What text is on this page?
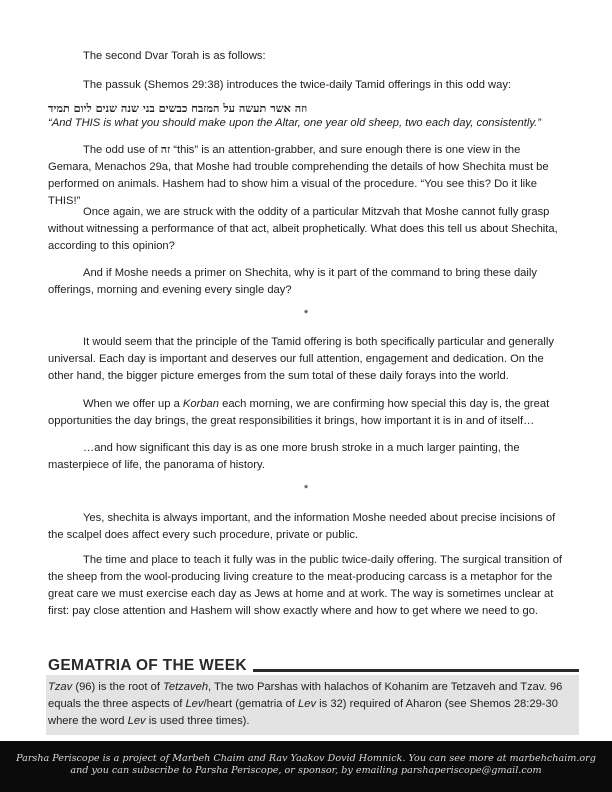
The second Dvar Torah is as follows:

The passuk (Shemos 29:38) introduces the twice-daily Tamid offerings in this odd way:

וזה אשר תעשה על המזבח כבשים בני שנה שנים ליום תמיד

“And THIS is what you should make upon the Altar, one year old sheep, two each day, consistently.”

The odd use of זה “this” is an attention-grabber, and sure enough there is one view in the Gemara, Menachos 29a, that Moshe had trouble comprehending the details of how Shechita must be performed on animals. Hashem had to show him a visual of the procedure. “You see this? Do it like THIS!”

Once again, we are struck with the oddity of a particular Mitzvah that Moshe cannot fully grasp without witnessing a performance of that act, albeit prophetically. What does this tell us about Shechita, according to this opinion?

And if Moshe needs a primer on Shechita, why is it part of the command to bring these daily offerings, morning and evening every single day?

*

It would seem that the principle of the Tamid offering is both specifically particular and generally universal. Each day is important and deserves our full attention, engagement and dedication. On the other hand, the bigger picture emerges from the sum total of these daily forays into the world.

When we offer up a Korban each morning, we are confirming how special this day is, the great opportunities the day brings, the great responsibilities it brings, how important it is in and of itself…

…and how significant this day is as one more brush stroke in a much larger painting, the masterpiece of life, the panorama of history.

*

Yes, shechita is always important, and the information Moshe needed about precise incisions of the scalpel does affect every such procedure, private or public.

The time and place to teach it fully was in the public twice-daily offering. The surgical transition of the sheep from the wool-producing living creature to the meat-producing carcass is a metaphor for the great care we must exercise each day as Jews at home and at work. The way is sometimes unclear at first: pay close attention and Hashem will show exactly where and how to get where we need to go.

GEMATRIA OF THE WEEK
Tzav (96) is the root of Tetzaveh, The two Parshas with halachos of Kohanim are Tetzaveh and Tzav. 96 equals the three aspects of Lev/heart (gematria of Lev is 32) required of Aharon (see Shemos 28:29-30 where the word Lev is used three times).
Parsha Periscope is a project of Marbeh Chaim and Rav Yaakov Dovid Homnick. You can see more at marbehchaim.org
and you can subscribe to Parsha Periscope, or sponsor, by emailing parshaperiscope@gmail.com
